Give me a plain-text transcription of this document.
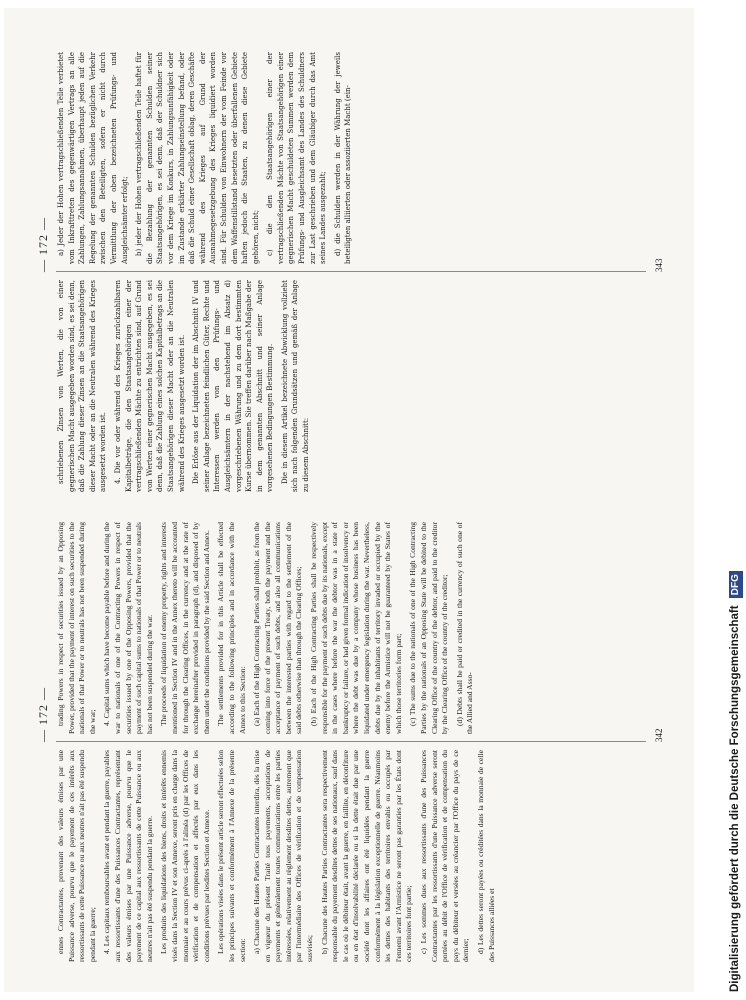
— 172 —

ennes Contractantes, provenant des valeurs émises par une Puissance adverse, pourvu que le payement de ces intérêts aux ressortissants de cette Puissance ou aux neutres n'ait pas été suspendu pendant la guerre; 4. Les capitaux remboursables avant et pendant la guerre, payables aux ressortissants d'une des Puissances Contractantes, représentant des valeurs émises par une Puissance adverse, pourvu que le payement de ce capital aux ressortissants de cette Puissance ou aux neutres n'ait pas été suspendu pendant la guerre. Les produits des liquidations des biens, droits et intérêts ennemis visés dans la Section IV et son Annexe, seront pris en charge dans la monnaie et au cours prévus ci-après à l'alinéa (d) par les Offices de vérification et de compensation et affectés par eux dans les conditions prévues par lesdites Section et Annexe. Les opérations visées dans le présent article seront effectuées selon les principes suivants et conformément à l'Annexe de la présente section: a) Chacune des Hautes Parties Contractantes interdira, dès la mise en vigueur du présent Traité tous payements, acceptations de payements et généralement toutes communications entre les parties intéressées, relativement au règlement desdites dettes, autrement que par l'intermédiaire des Offices de vérification et de compensation susvisés; b) Chacune des Hautes Parties Contractantes sera respectivement responsable du payement desdites dettes de ses nationaux, sauf dans le cas où le débiteur était, avant la guerre, en faillite, en déconfiture ou en état d'insolvabilité déclarée ou si la dette était due par une société dont les affaires ont été liquidées pendant la guerre conformément à la législation exceptionnelle de guerre. Néanmoins les dettes des habitants des territoires envahis ou occupés par l'ennemi avant l'Armistice ne seront pas garanties par les États dont ces territoires font partie; c) Les sommes dues aux ressortissants d'une des Puissances Contractantes par les ressortissants d'une Puissance adverse seront portées au débit de l'Office de vérification et de compensation du pays du débiteur et versées au créancier par l'Office du pays de ce dernier; d) Les dettes seront payées ou créditées dans la monnaie de celle des Puissances alliées et

trading Powers in respect of securities issued by an Opposing Power, provided that the payment of interest on such securities to the nationals of that Power or to neutrals has not been suspended during the war; 4. Capital sums which have become payable before and during the war to nationals of one of the Contracting Powers in respect of securities issued by one of the Opposing Powers, provided that the payment of such capital sums to nationals of that Power or to neutrals has not been suspended during the war. The proceeds of liquidation of enemy property, rights and interests mentioned in Section IV and in the Annex thereto will be accounted for through the Clearing Offices, in the currency and at the rate of exchange hereinafter provided in paragraph (d), and disposed of by them under the conditions provided by the said Section and Annex. The settlements provided for in this Article shall be effected according to the following principles and in accordance with the Annex to this Section: (a) Each of the High Contracting Parties shall prohibit, as from the coming into force of the present Treaty, both the payment and the acceptance of payment of such debts, and also all communications between the interested parties with regard to the settlement of the said debts otherwise than through the Clearing Offices; (b) Each of the High Contracting Parties shall be respectively responsible for the payment of such debts due by its nationals, except in the cases where before the war the debtor was in a state of bankruptcy or failure, or had given formal indication of insolvency or where the debt was due by a company whose business has been liquidated under emergency legislation during the war. Nevertheless, debts due by the inhabitants of territory invaded or occupied by the enemy before the Armistice will not be guaranteed by the States of which those territories form part; (c) The sums due to the nationals of one of the High Contracting Parties by the nationals of an Opposing State will be debited to the Clearing Office of the country of the debtor, and paid to the creditor by the Clearing Office of the country of the creditor; (d) Debts shall be paid or credited in the currency of such one of the Allied and Asso-

342
— 172 —

schriebenen Zinsen von Werten, die von einer gegnerischen Macht ausgegeben worden sind, es sei denn, daß die Zahlung dieser Zinsen an die Staatsangehörigen dieser Macht oder an die Neutralen während des Krieges ausgesetzt worden ist. 4. Die vor oder während des Krieges zurückzahlbaren Kapitalbeträge, die den Staatsangehörigen einer der vertragschließenden Mächte zu entrichten sind, auf Grund von Werten einer gegnerischen Macht ausgegeben, es sei denn, daß die Zahlung eines solchen Kapitalbetrags an die Staatsangehörigen dieser Macht oder an die Neutralen während des Krieges ausgesetzt worden ist. Die Erlöse aus der Liquidation der im Abschnitt IV und seiner Anlage bezeichneten feindlichen Güter, Rechte und Interessen werden von den Prüfungs- und Ausgleichsämtern in der nachstehend im Absatz d) vorgeschriebenen Währung und zu dem dort bestimmten Kurse übernommen. Sie treffen darüber nach Maßgabe der in dem genannten Abschnitt und seiner Anlage vorgesehenen Bedingungen Bestimmung. Die in diesem Artikel bezeichnete Abwicklung vollzieht sich nach folgenden Grundsätzen und gemäß der Anlage zu diesem Abschnitt:

a) Jeder der Hohen vertragschließenden Teile verbietet vom Inkrafttreten des gegenwärtigen Vertrags an alle Zahlungen, Zahlungsannahmen, überhaupt jeden auf die Regelung der genannten Schulden bezüglichen Verkehr zwischen den Beteiligten, sofern er nicht durch Vermittlung der oben bezeichneten Prüfungs- und Ausgleichsämter erfolgt; b) jeder der Hohen vertragschließenden Teile haftet für die Bezahlung der genannten Schulden seiner Staatsangehörigen, es sei denn, daß der Schuldner sich vor dem Kriege im Konkurs, in Zahlungsunfähigkeit oder im Zustande erklärter Zahlungseinstellung befand, oder daß die Schuld einer Gesellschaft oblag, deren Geschäfte während des Krieges auf Grund der Ausnahmegesetzgebung des Krieges liquidiert worden sind. Für Schulden von Einwohnern der vom Feinde vor dem Waffenstillstand besetzten oder überfallenen Gebiete haften jedoch die Staaten, zu denen diese Gebiete gehören, nicht; c) die den Staatsangehörigen einer der vertragschließenden Mächte von Staatsangehörigen einer gegnerischen Macht geschuldeten Summen werden dem Prüfungs- und Ausgleichsamt des Landes des Schuldners zur Last geschrieben und dem Gläubiger durch das Amt seines Landes ausgezahlt; d) die Schulden werden in der Währung der jeweils beteiligten alliierten oder assoziierten Macht (ein-

343
Digitalisierung gefördert durch die Deutsche Forschungsgemeinschaft DFG
